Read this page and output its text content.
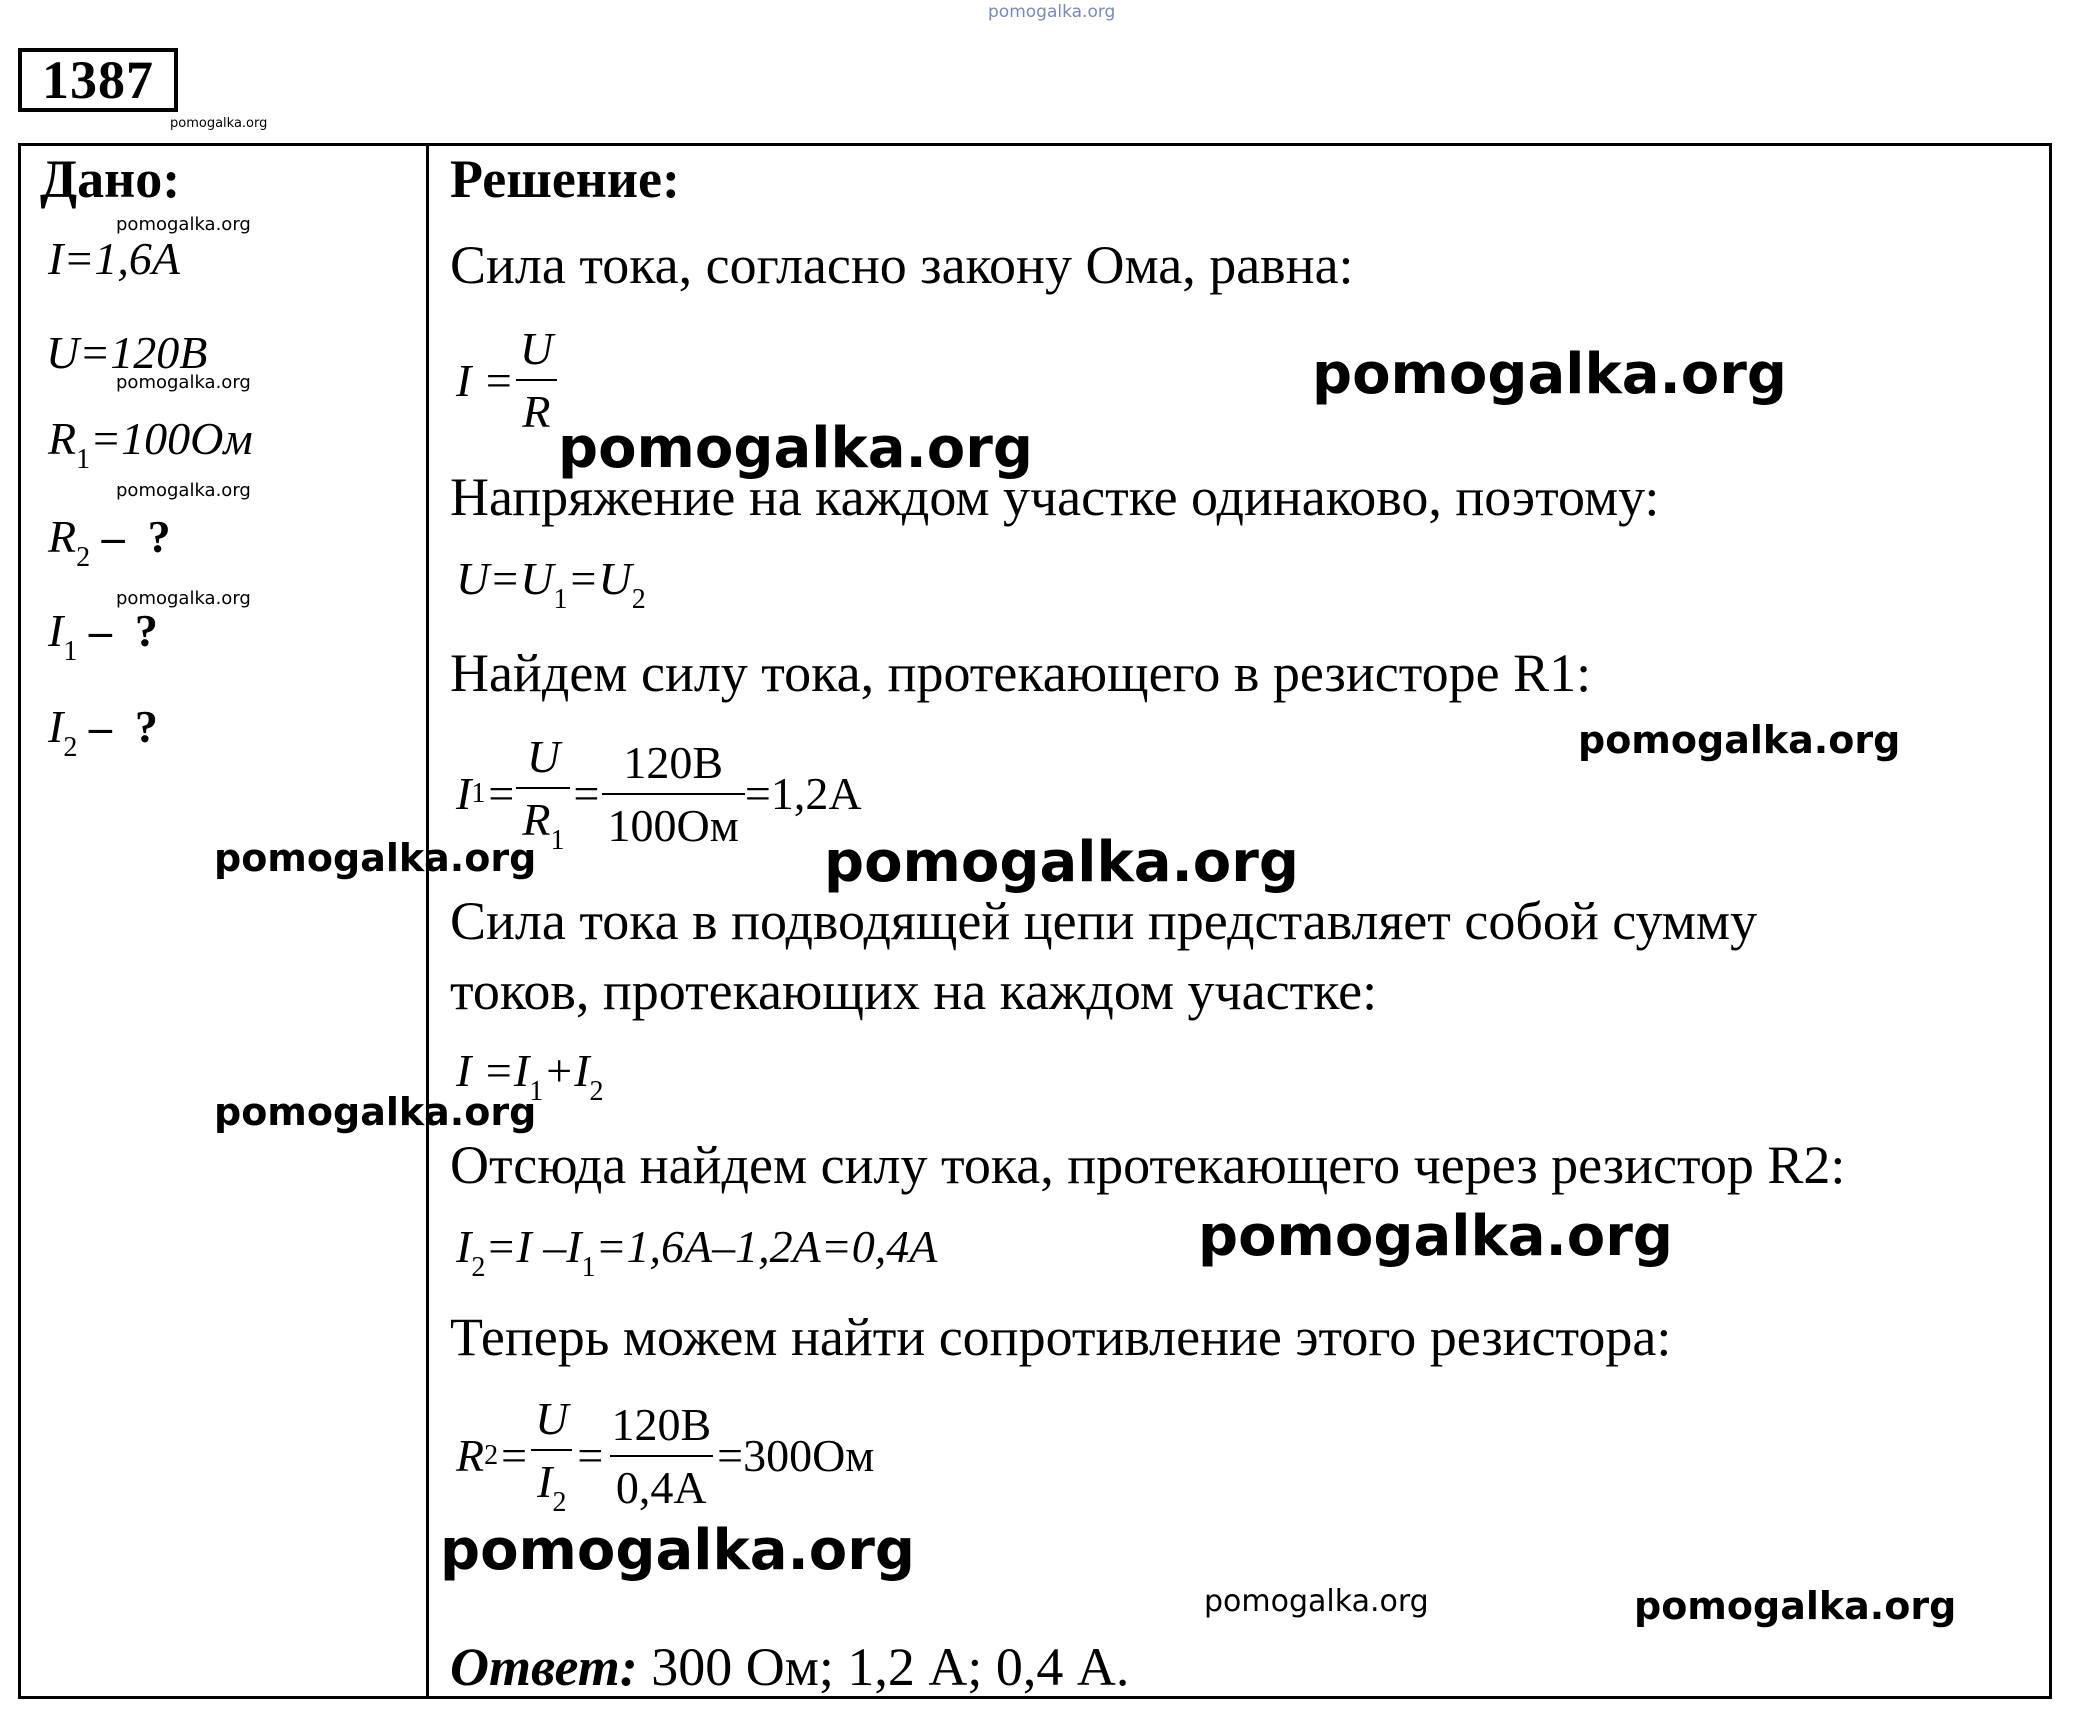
pomogalka.org
1387
pomogalka.org
Дано:
I=1,6A
U=120B
$R_1=100Ом$
$R_2$ – ?
$I_1$ – ?
$I_2$ – ?
pomogalka.org
pomogalka.org
pomogalka.org
pomogalka.org
Решение:
Сила тока, согласно закону Ома, равна:
$I = \frac{U}{R}$
Напряжение на каждом участке одинаково, поэтому:
$U=U_1=U_2$
Найдем силу тока, протекающего в резисторе R1:
I $1 = \frac{U}{R_1} = \frac{120B}{100Ом} =1,2A$
Сила тока в подводящей цепи представляет собой сумму
токов, протекающих на каждом участке:
$I =I_1+I_2$
Отсюда найдем силу тока, протекающего через резистор R2:
$I_2=I$ $-I_1=1,6A-1,2A=0,4A$
Теперь можем найти сопротивление этого резистора:
R $2 = \frac{U}{I_2} = \frac{120B}{0,4A} =300Ом$
Ответ: 300 Ом; 1,2 А; 0,4 А.
pomogalka.org
pomogalka.org
pomogalka.org
pomogalka.org	pomogalka.org
pomogalka.org
pomogalka.org
pomogalka.org
pomogalka.org	pomogalka.org
